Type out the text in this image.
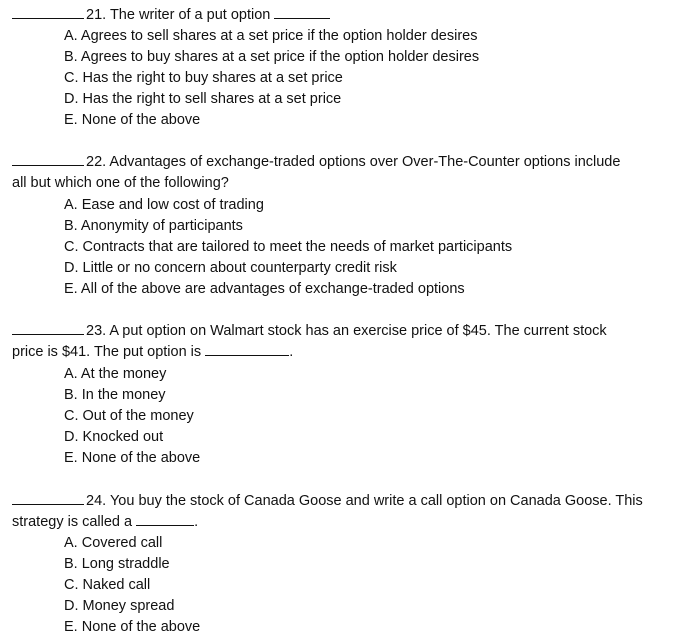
21. The writer of a put option
A. Agrees to sell shares at a set price if the option holder desires
B. Agrees to buy shares at a set price if the option holder desires
C. Has the right to buy shares at a set price
D. Has the right to sell shares at a set price
E. None of the above
22. Advantages of exchange-traded options over Over-The-Counter options include
all but which one of the following?
A. Ease and low cost of trading
B. Anonymity of participants
C. Contracts that are tailored to meet the needs of market participants
D. Little or no concern about counterparty credit risk
E. All of the above are advantages of exchange-traded options
23. A put option on Walmart stock has an exercise price of $45. The current stock
price is $41. The put option is	.
A. At the money
B. In the money
C. Out of the money
D. Knocked out
E. None of the above
24. You buy the stock of Canada Goose and write a call option on Canada Goose. This
strategy is called a	.
A. Covered call
B. Long straddle
C. Naked call
D. Money spread
E. None of the above
